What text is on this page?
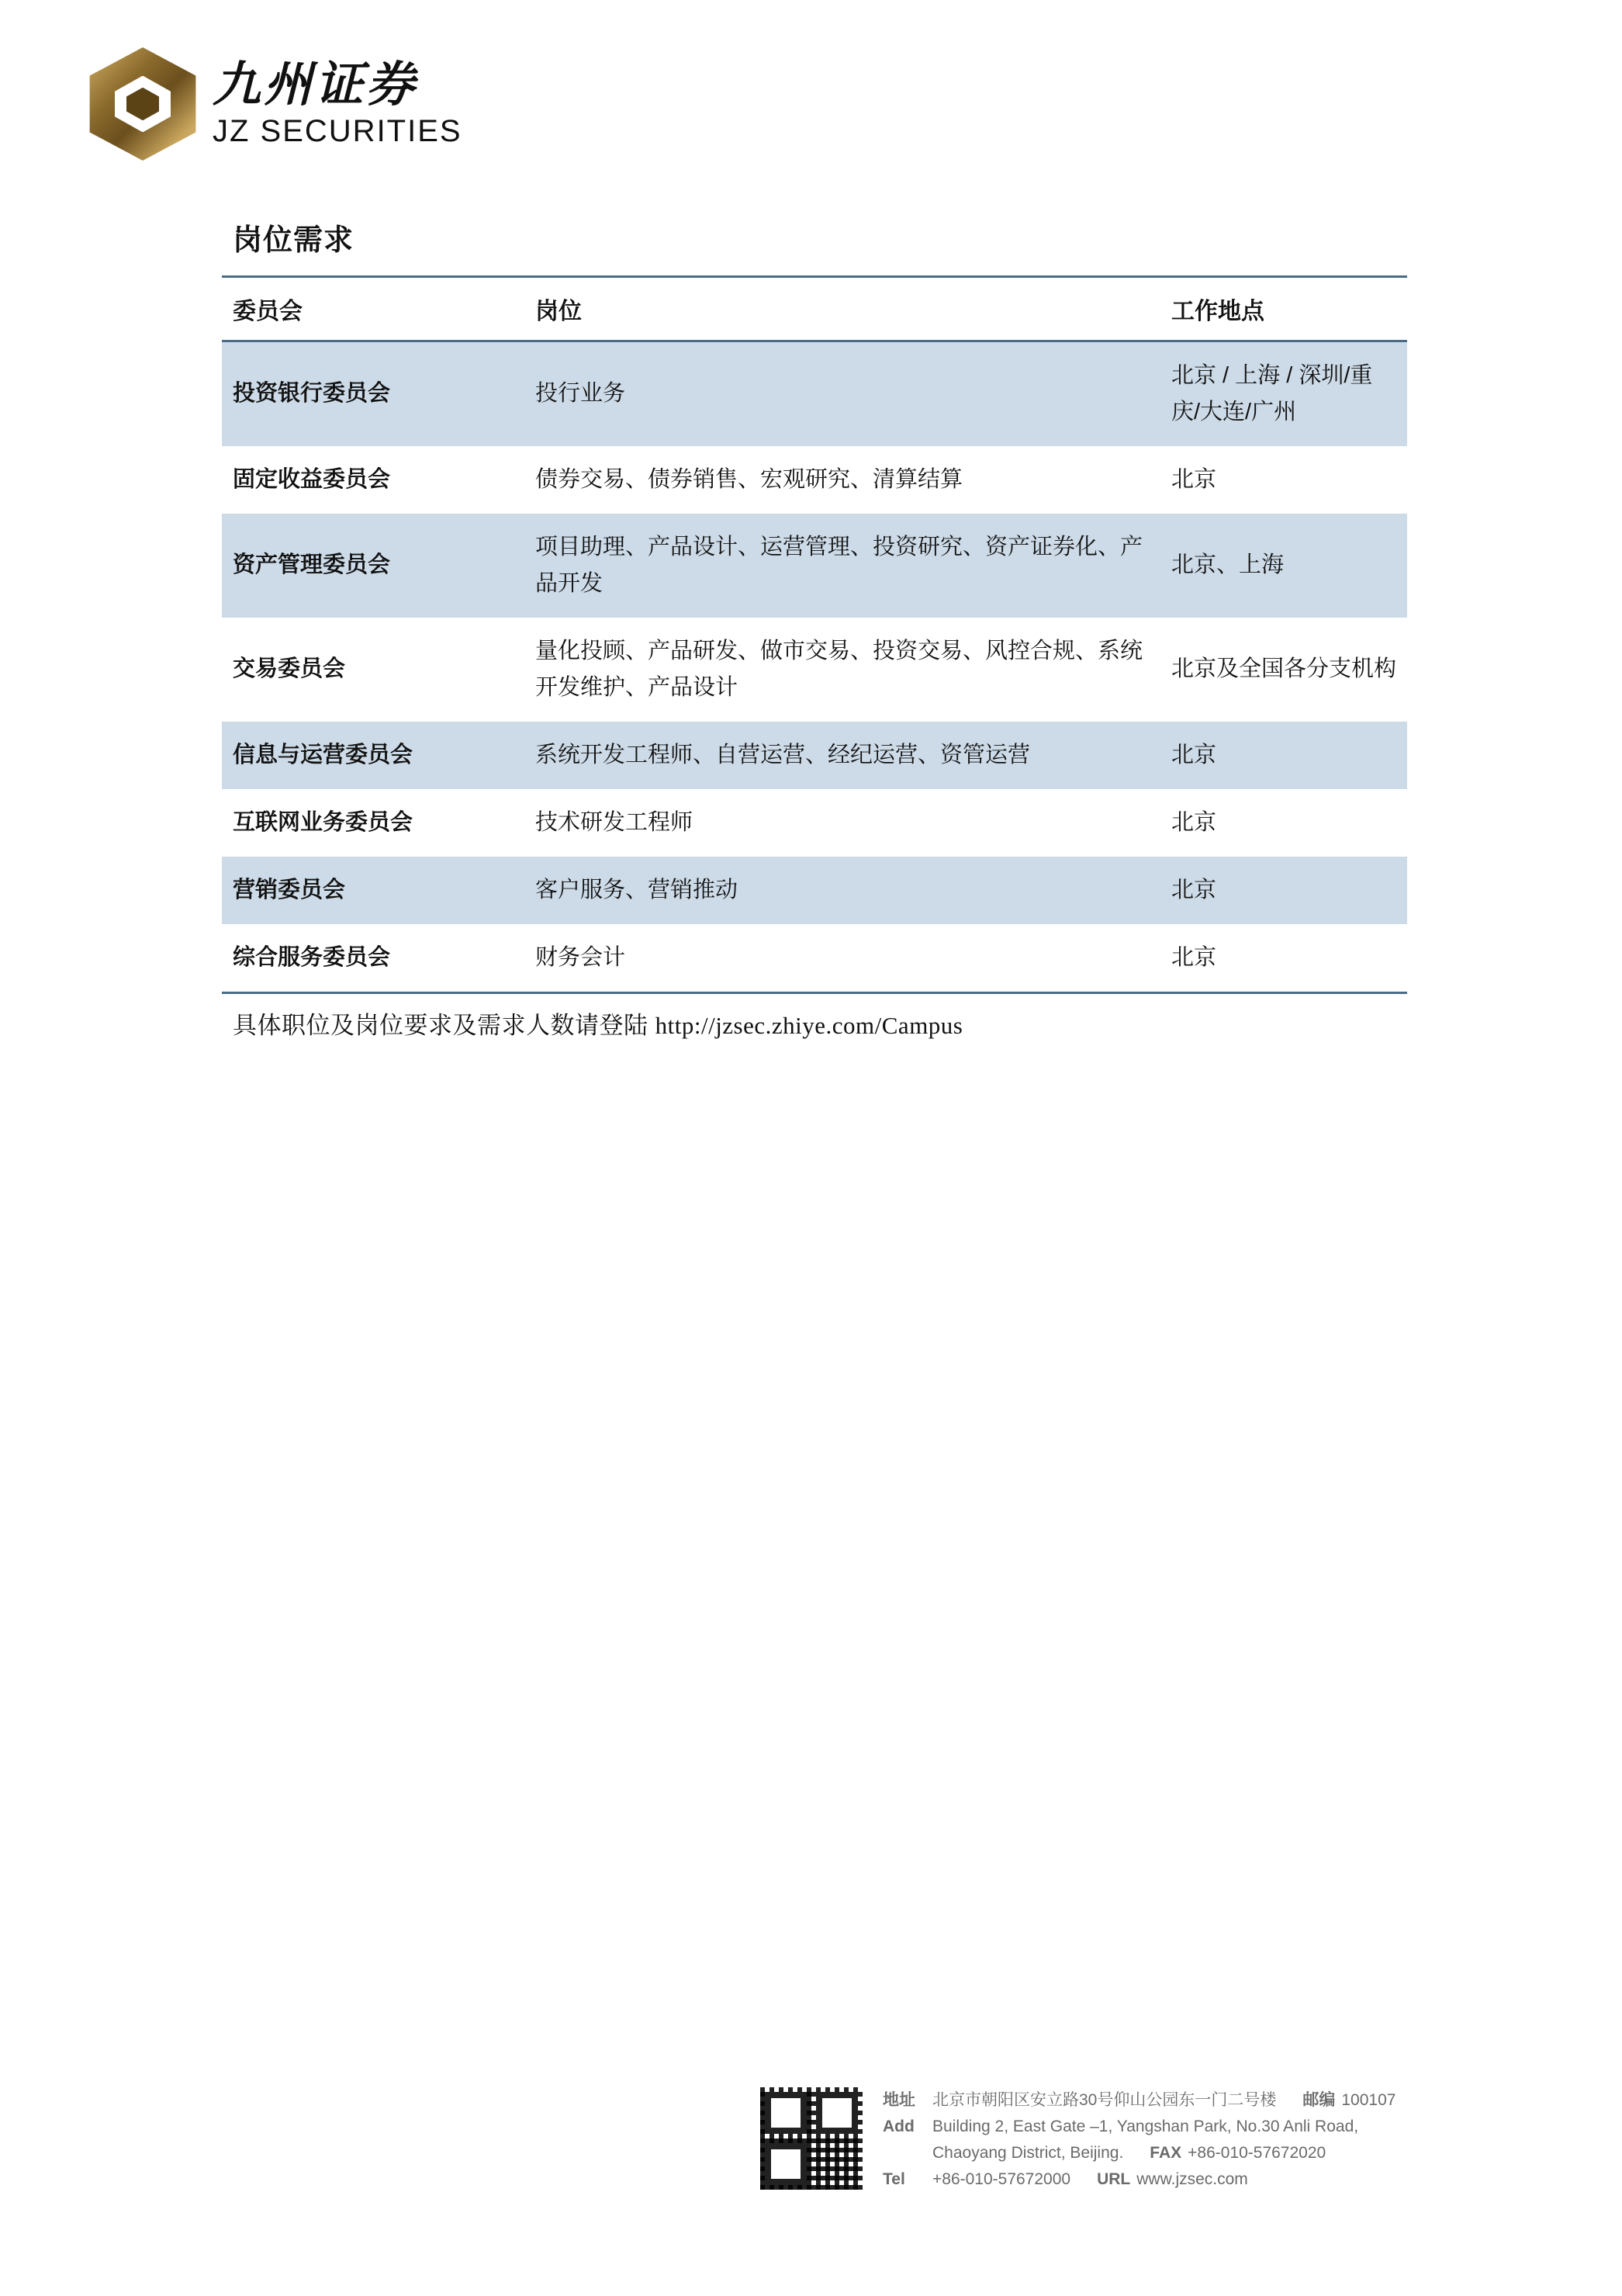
九州证券
JZ SECURITIES
岗位需求
委员会	岗位	工作地点
投资银行委员会	投行业务	北京 / 上海 / 深圳/重庆/大连/广州
固定收益委员会	债券交易、债券销售、宏观研究、清算结算	北京
资产管理委员会	项目助理、产品设计、运营管理、投资研究、资产证券化、产品开发	北京、上海
交易委员会	量化投顾、产品研发、做市交易、投资交易、风控合规、系统开发维护、产品设计	北京及全国各分支机构
信息与运营委员会	系统开发工程师、自营运营、经纪运营、资管运营	北京
互联网业务委员会	技术研发工程师	北京
营销委员会	客户服务、营销推动	北京
综合服务委员会	财务会计	北京
具体职位及岗位要求及需求人数请登陆 http://jzsec.zhiye.com/Campus
地址	北京市朝阳区安立路30号仰山公园东一门二号楼 邮编 100107
Add	Building 2, East Gate –1, Yangshan Park, No.30 Anli Road,
Chaoyang District, Beijing. FAX +86-010-57672020
Tel	+86-010-57672000 URL www.jzsec.com
